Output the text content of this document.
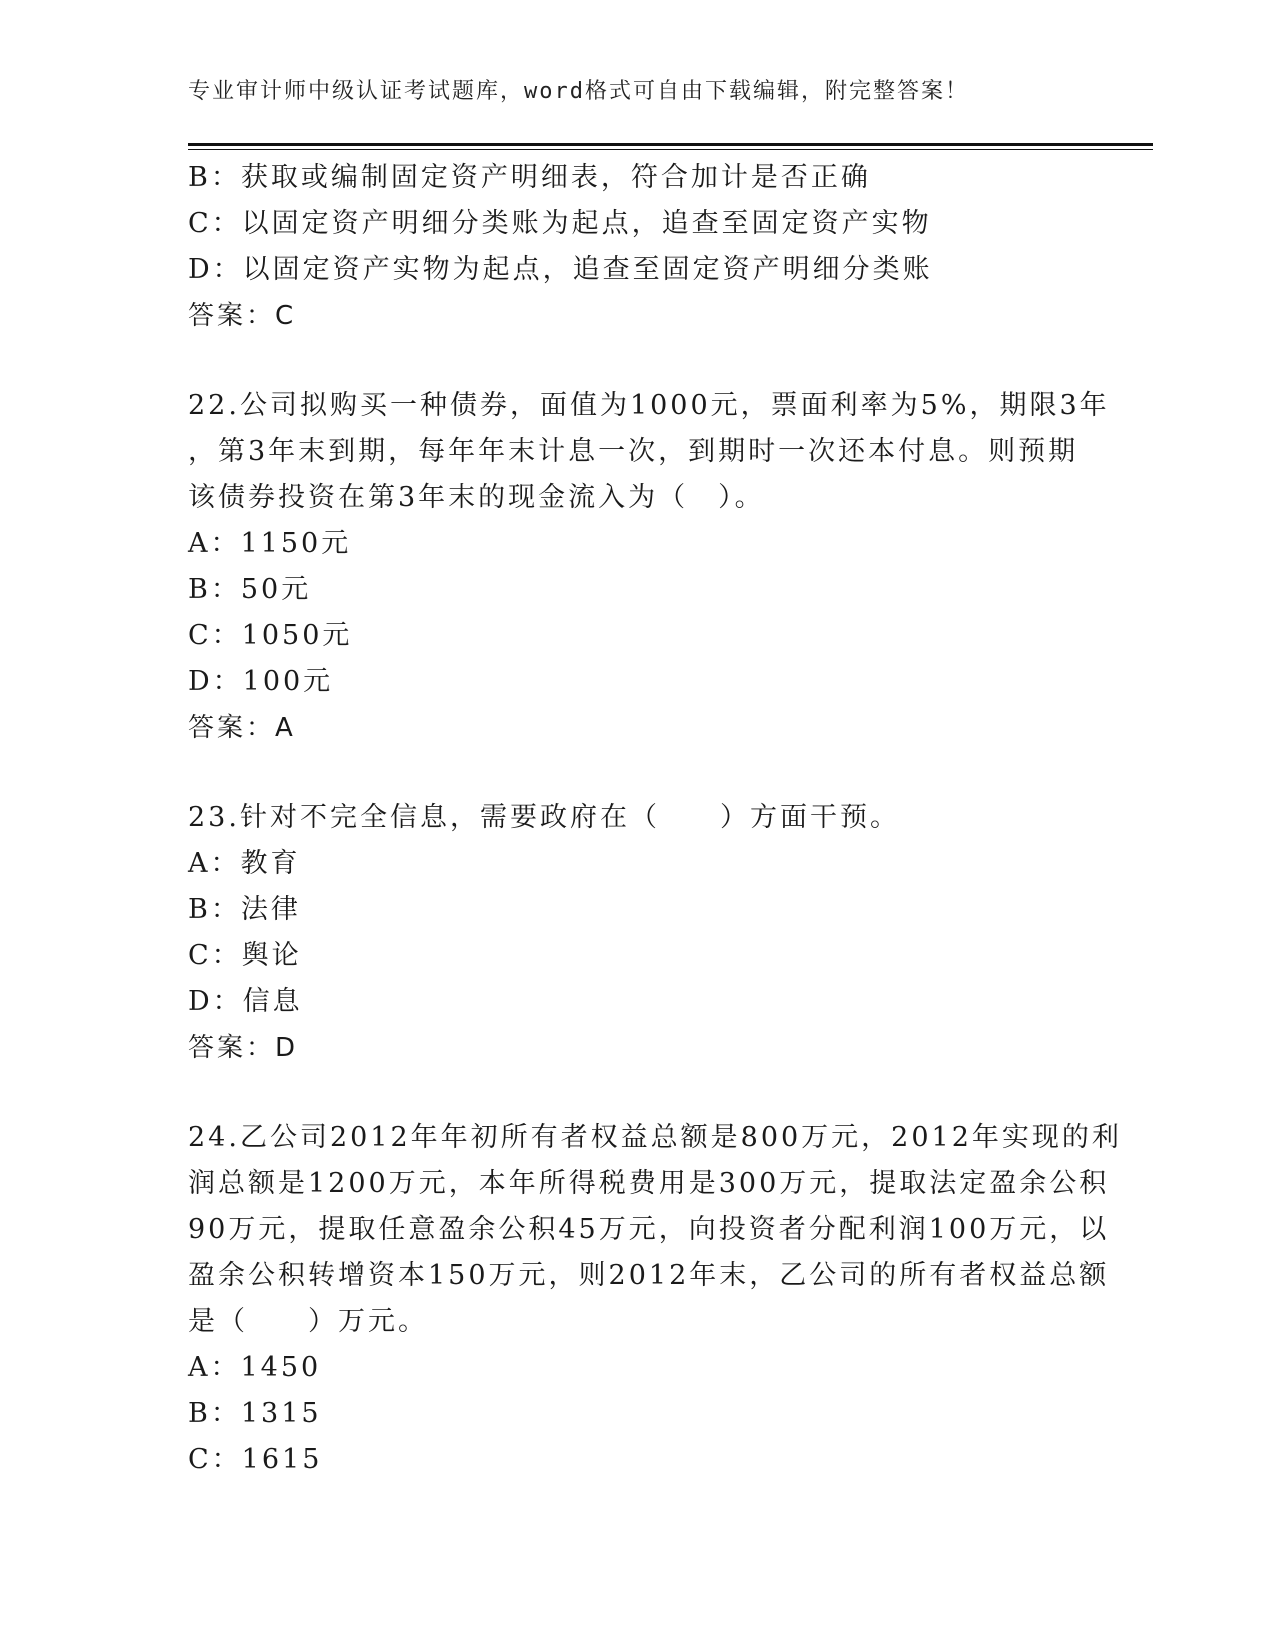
专业审计师中级认证考试题库，word格式可自由下载编辑，附完整答案！
B：获取或编制固定资产明细表，符合加计是否正确
C：以固定资产明细分类账为起点，追查至固定资产实物
D：以固定资产实物为起点，追查至固定资产明细分类账
答案：C
22.公司拟购买一种债券，面值为1000元，票面利率为5%，期限3年
，第3年末到期，每年年末计息一次，到期时一次还本付息。则预期
该债券投资在第3年末的现金流入为（　）。
A：1150元
B：50元
C：1050元
D：100元
答案：A
23.针对不完全信息，需要政府在（　　）方面干预。
A：教育
B：法律
C：舆论
D：信息
答案：D
24.乙公司2012年年初所有者权益总额是800万元，2012年实现的利
润总额是1200万元，本年所得税费用是300万元，提取法定盈余公积
90万元，提取任意盈余公积45万元，向投资者分配利润100万元，以
盈余公积转增资本150万元，则2012年末，乙公司的所有者权益总额
是（　　）万元。
A：1450
B：1315
C：1615
